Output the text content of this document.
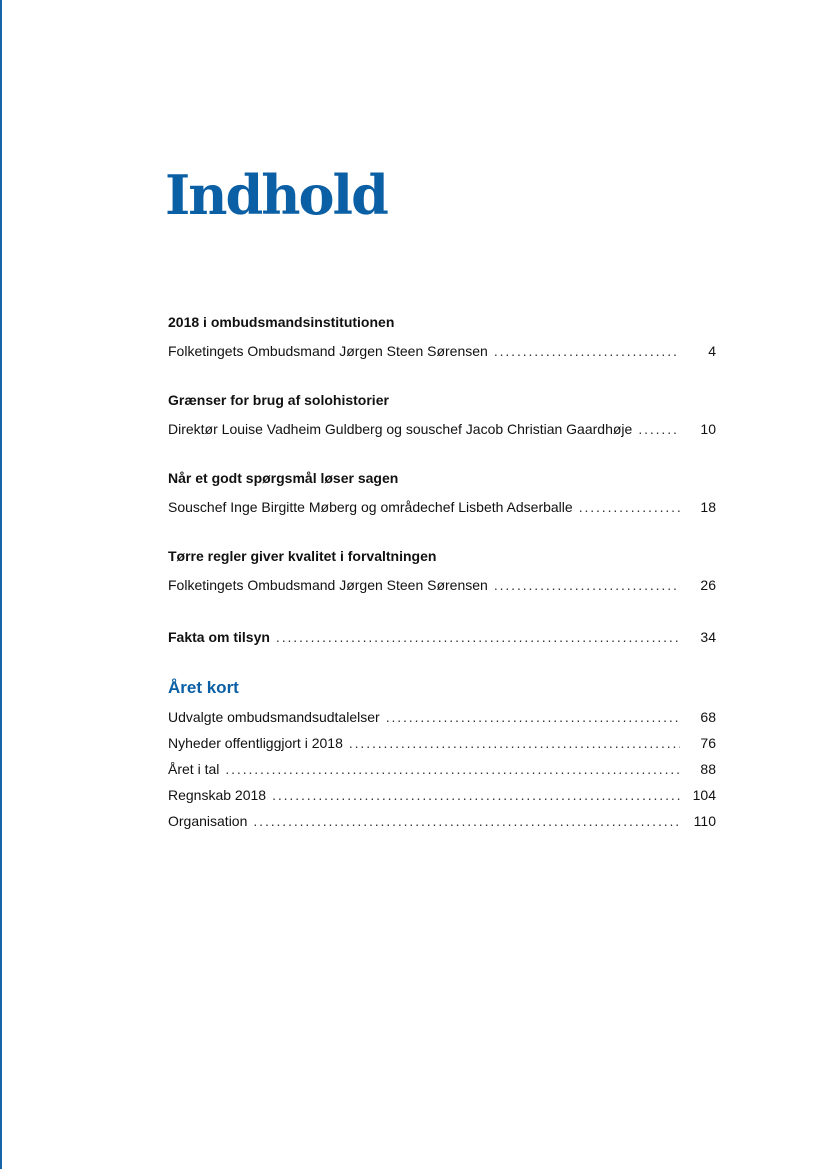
Indhold

2018 i ombudsmandsinstitutionen

Folketingets Ombudsmand Jørgen Steen Sørensen . . .	4

Grænser for brug af solohistorier

Direktør Louise Vadheim Guldberg og souschef Jacob Christian Gaardhøje . . .	10

Når et godt spørgsmål løser sagen

Souschef Inge Birgitte Møberg og områdechef Lisbeth Adserballe . . .	18

Tørre regler giver kvalitet i forvaltningen

Folketingets Ombudsmand Jørgen Steen Sørensen . . .	26
Fakta om tilsyn . . .	34

Året kort

Udvalgte ombudsmandsudtalelser . . .	68
Nyheder offentliggjort i 2018 . . .	76
Året i tal . . .	88
Regnskab 2018 . . .	104
Organisation . . .	110
